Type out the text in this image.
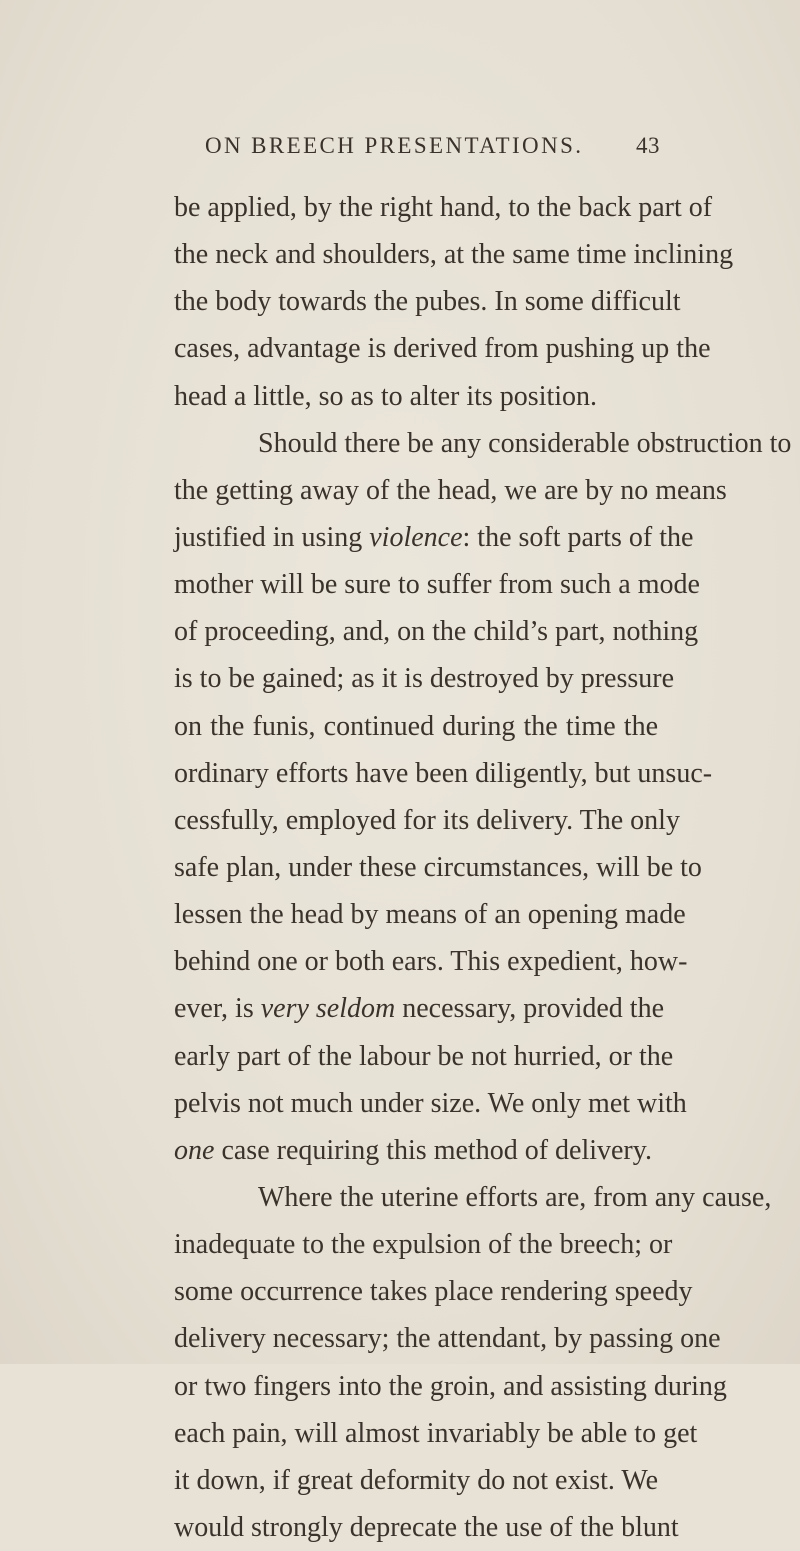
ON BREECH PRESENTATIONS. 43
be applied, by the right hand, to the back part of
the neck and shoulders, at the same time inclining
the body towards the pubes. In some difficult
cases, advantage is derived from pushing up the
head a little, so as to alter its position.
Should there be any considerable obstruction to
the getting away of the head, we are by no means
justified in using violence: the soft parts of the
mother will be sure to suffer from such a mode
of proceeding, and, on the child’s part, nothing
is to be gained; as it is destroyed by pressure
on the funis, continued during the time the
ordinary efforts have been diligently, but unsuc-
cessfully, employed for its delivery. The only
safe plan, under these circumstances, will be to
lessen the head by means of an opening made
behind one or both ears. This expedient, how-
ever, is very seldom necessary, provided the
early part of the labour be not hurried, or the
pelvis not much under size. We only met with
one case requiring this method of delivery.
Where the uterine efforts are, from any cause,
inadequate to the expulsion of the breech; or
some occurrence takes place rendering speedy
delivery necessary; the attendant, by passing one
or two fingers into the groin, and assisting during
each pain, will almost invariably be able to get
it down, if great deformity do not exist. We
would strongly deprecate the use of the blunt
